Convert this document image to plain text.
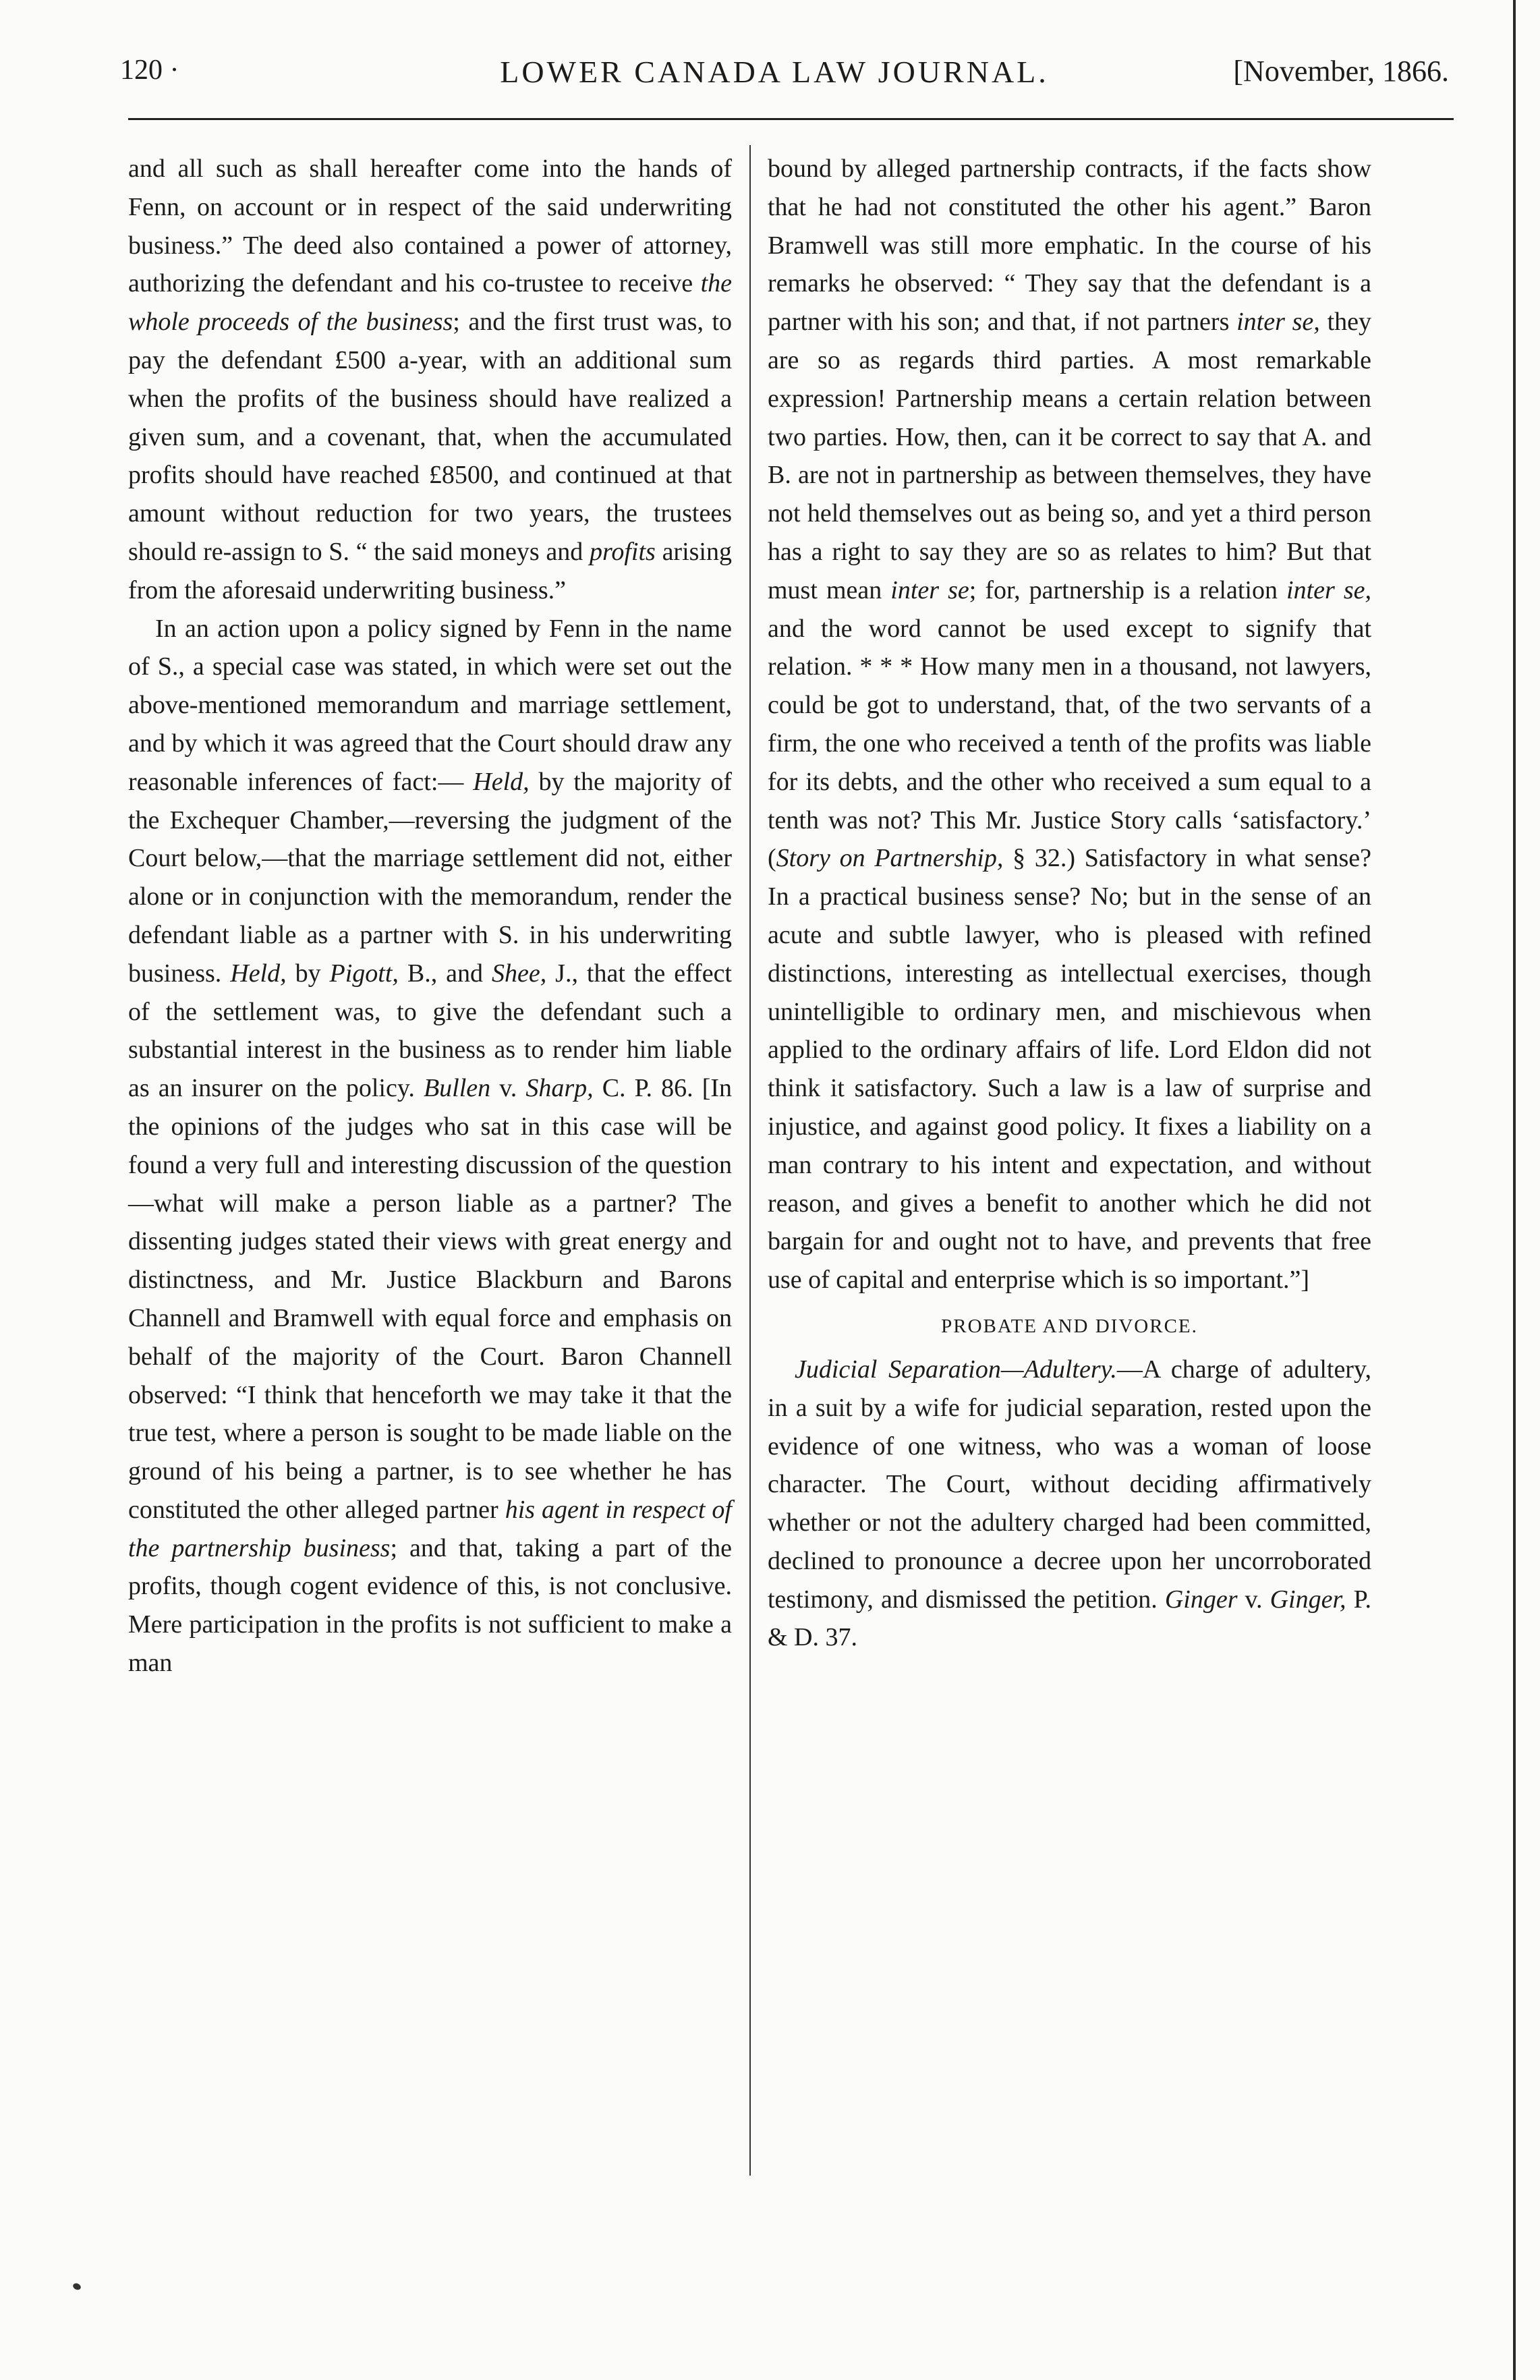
120 ·	LOWER CANADA LAW JOURNAL.	[November, 1866.

and all such as shall hereafter come into the hands of Fenn, on account or in respect of the said underwriting business.” The deed also contained a power of attorney, authorizing the defendant and his co-trustee to receive the whole proceeds of the business; and the first trust was, to pay the defendant £500 a-year, with an additional sum when the profits of the business should have realized a given sum, and a covenant, that, when the accumulated profits should have reached £8500, and continued at that amount without reduction for two years, the trustees should re-assign to S. “ the said moneys and profits arising from the aforesaid underwriting business.”

In an action upon a policy signed by Fenn in the name of S., a special case was stated, in which were set out the above-mentioned memorandum and marriage settlement, and by which it was agreed that the Court should draw any reasonable inferences of fact:— Held, by the majority of the Exchequer Chamber,—reversing the judgment of the Court below,—that the marriage settlement did not, either alone or in conjunction with the memorandum, render the defendant liable as a partner with S. in his underwriting business. Held, by Pigott, B., and Shee, J., that the effect of the settlement was, to give the defendant such a substantial interest in the business as to render him liable as an insurer on the policy. Bullen v. Sharp, C. P. 86. [In the opinions of the judges who sat in this case will be found a very full and interesting discussion of the question—what will make a person liable as a partner? The dissenting judges stated their views with great energy and distinctness, and Mr. Justice Blackburn and Barons Channell and Bramwell with equal force and emphasis on behalf of the majority of the Court. Baron Channell observed: “I think that henceforth we may take it that the true test, where a person is sought to be made liable on the ground of his being a partner, is to see whether he has constituted the other alleged partner his agent in respect of the partnership business; and that, taking a part of the profits, though cogent evidence of this, is not conclusive. Mere participation in the profits is not sufficient to make a man

bound by alleged partnership contracts, if the facts show that he had not constituted the other his agent.” Baron Bramwell was still more emphatic. In the course of his remarks he observed: “ They say that the defendant is a partner with his son; and that, if not partners inter se, they are so as regards third parties. A most remarkable expression! Partnership means a certain relation between two parties. How, then, can it be correct to say that A. and B. are not in partnership as between themselves, they have not held themselves out as being so, and yet a third person has a right to say they are so as relates to him? But that must mean inter se; for, partnership is a relation inter se, and the word cannot be used except to signify that relation. * * * How many men in a thousand, not lawyers, could be got to understand, that, of the two servants of a firm, the one who received a tenth of the profits was liable for its debts, and the other who received a sum equal to a tenth was not? This Mr. Justice Story calls ‘satisfactory.’ (Story on Partnership, § 32.) Satisfactory in what sense? In a practical business sense? No; but in the sense of an acute and subtle lawyer, who is pleased with refined distinctions, interesting as intellectual exercises, though unintelligible to ordinary men, and mischievous when applied to the ordinary affairs of life. Lord Eldon did not think it satisfactory. Such a law is a law of surprise and injustice, and against good policy. It fixes a liability on a man contrary to his intent and expectation, and without reason, and gives a benefit to another which he did not bargain for and ought not to have, and prevents that free use of capital and enterprise which is so important.”]

PROBATE AND DIVORCE.

Judicial Separation—Adultery.—A charge of adultery, in a suit by a wife for judicial separation, rested upon the evidence of one witness, who was a woman of loose character. The Court, without deciding affirmatively whether or not the adultery charged had been committed, declined to pronounce a decree upon her uncorroborated testimony, and dismissed the petition. Ginger v. Ginger, P. & D. 37.
